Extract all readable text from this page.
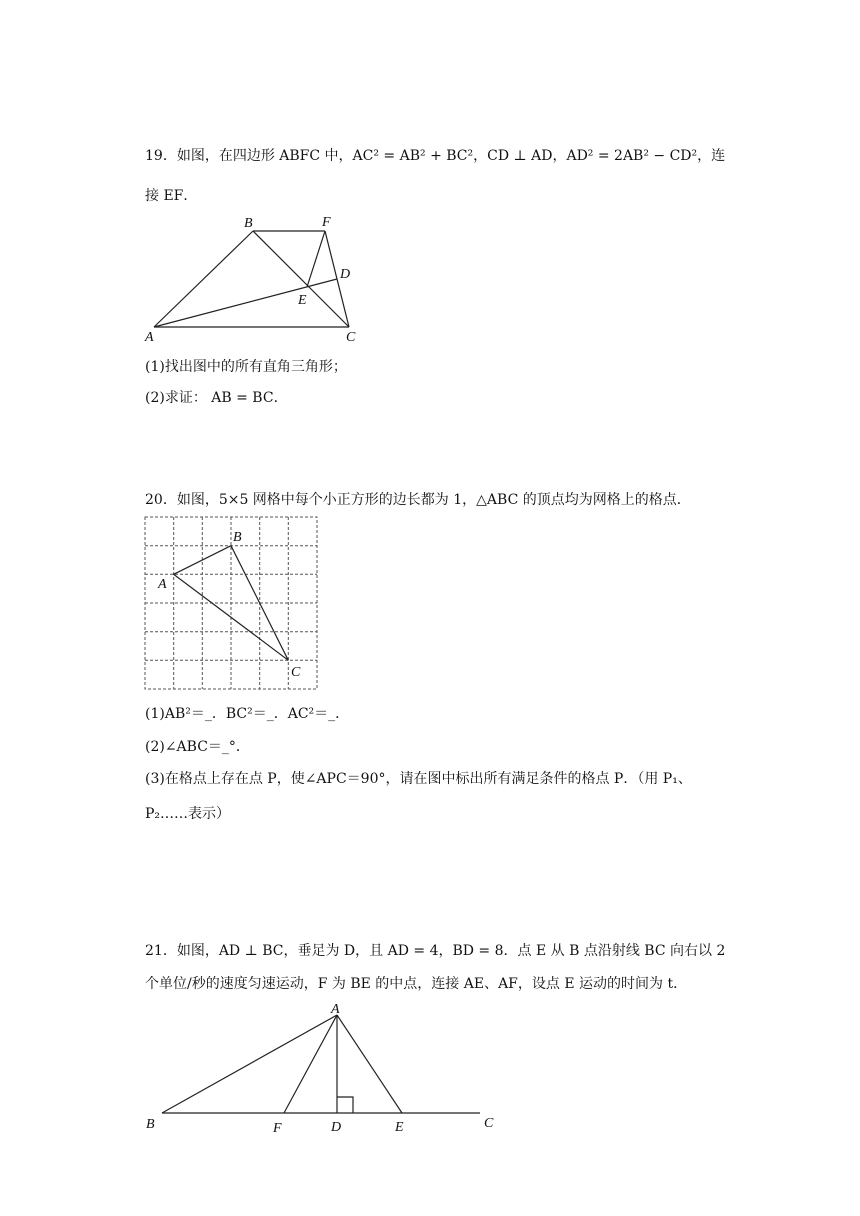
19．如图，在四边形 ABFC 中，AC² = AB² + BC²，CD ⊥ AD，AD² = 2AB² − CD²，连
接 EF．
B	F
D
E
A	C
(1)找出图中的所有直角三角形；
(2)求证： AB = BC．
20．如图，5×5 网格中每个小正方形的边长都为 1，△ABC 的顶点均为网格上的格点．
B
A
C
(1)AB²＝_．BC²＝_．AC²＝_．
(2)∠ABC＝_°．
(3)在格点上存在点 P，使∠APC＝90°，请在图中标出所有满足条件的格点 P．（用 P₁、
P₂……表示）
21．如图，AD ⊥ BC，垂足为 D，且 AD = 4，BD = 8．点 E 从 B 点沿射线 BC 向右以 2
个单位/秒的速度匀速运动，F 为 BE 的中点，连接 AE、AF，设点 E 运动的时间为 t．
A
B	F	D	E	C
